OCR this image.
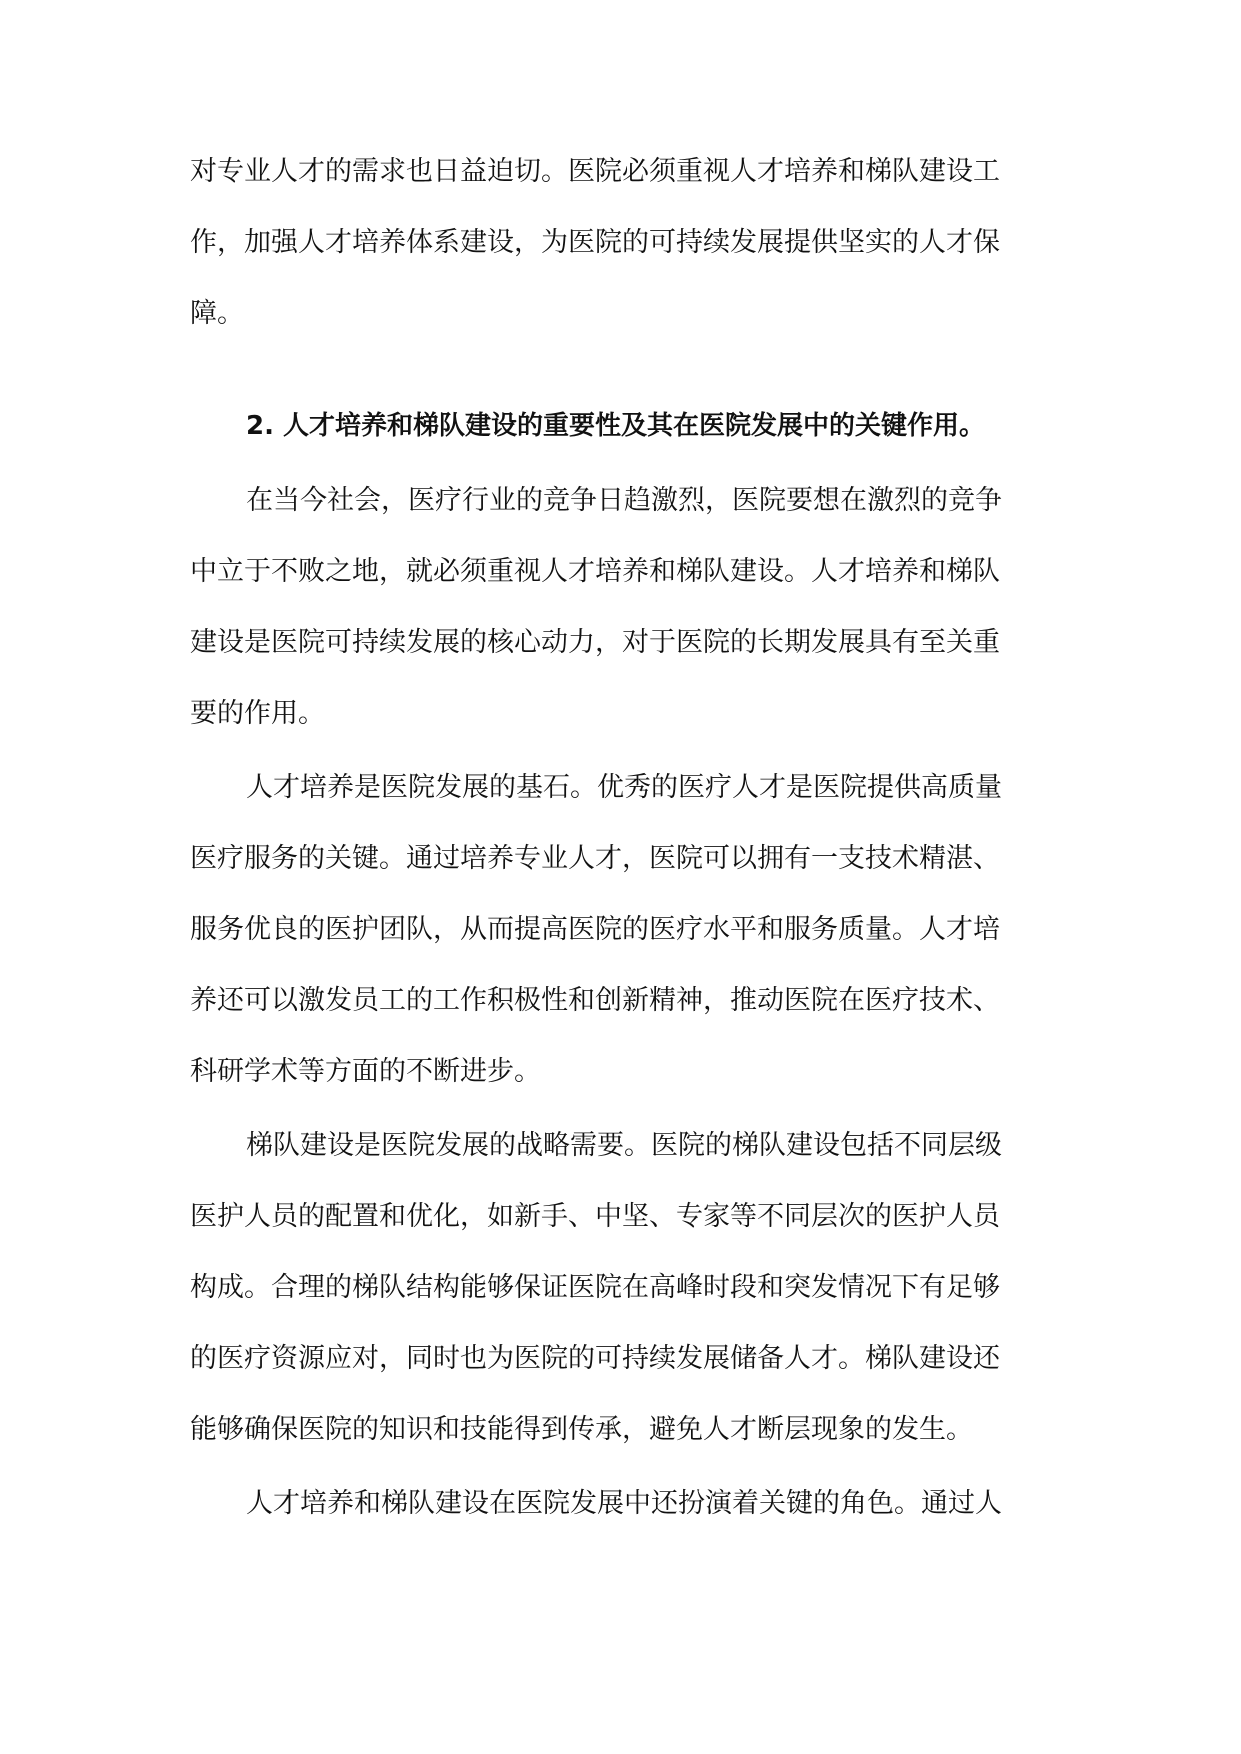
对专业人才的需求也日益迫切。医院必须重视人才培养和梯队建设工
作，加强人才培养体系建设，为医院的可持续发展提供坚实的人才保
障。
2. 人才培养和梯队建设的重要性及其在医院发展中的关键作用。
在当今社会，医疗行业的竞争日趋激烈，医院要想在激烈的竞争
中立于不败之地，就必须重视人才培养和梯队建设。人才培养和梯队
建设是医院可持续发展的核心动力，对于医院的长期发展具有至关重
要的作用。
人才培养是医院发展的基石。优秀的医疗人才是医院提供高质量
医疗服务的关键。通过培养专业人才，医院可以拥有一支技术精湛、
服务优良的医护团队，从而提高医院的医疗水平和服务质量。人才培
养还可以激发员工的工作积极性和创新精神，推动医院在医疗技术、
科研学术等方面的不断进步。
梯队建设是医院发展的战略需要。医院的梯队建设包括不同层级
医护人员的配置和优化，如新手、中坚、专家等不同层次的医护人员
构成。合理的梯队结构能够保证医院在高峰时段和突发情况下有足够
的医疗资源应对，同时也为医院的可持续发展储备人才。梯队建设还
能够确保医院的知识和技能得到传承，避免人才断层现象的发生。
人才培养和梯队建设在医院发展中还扮演着关键的角色。通过人
